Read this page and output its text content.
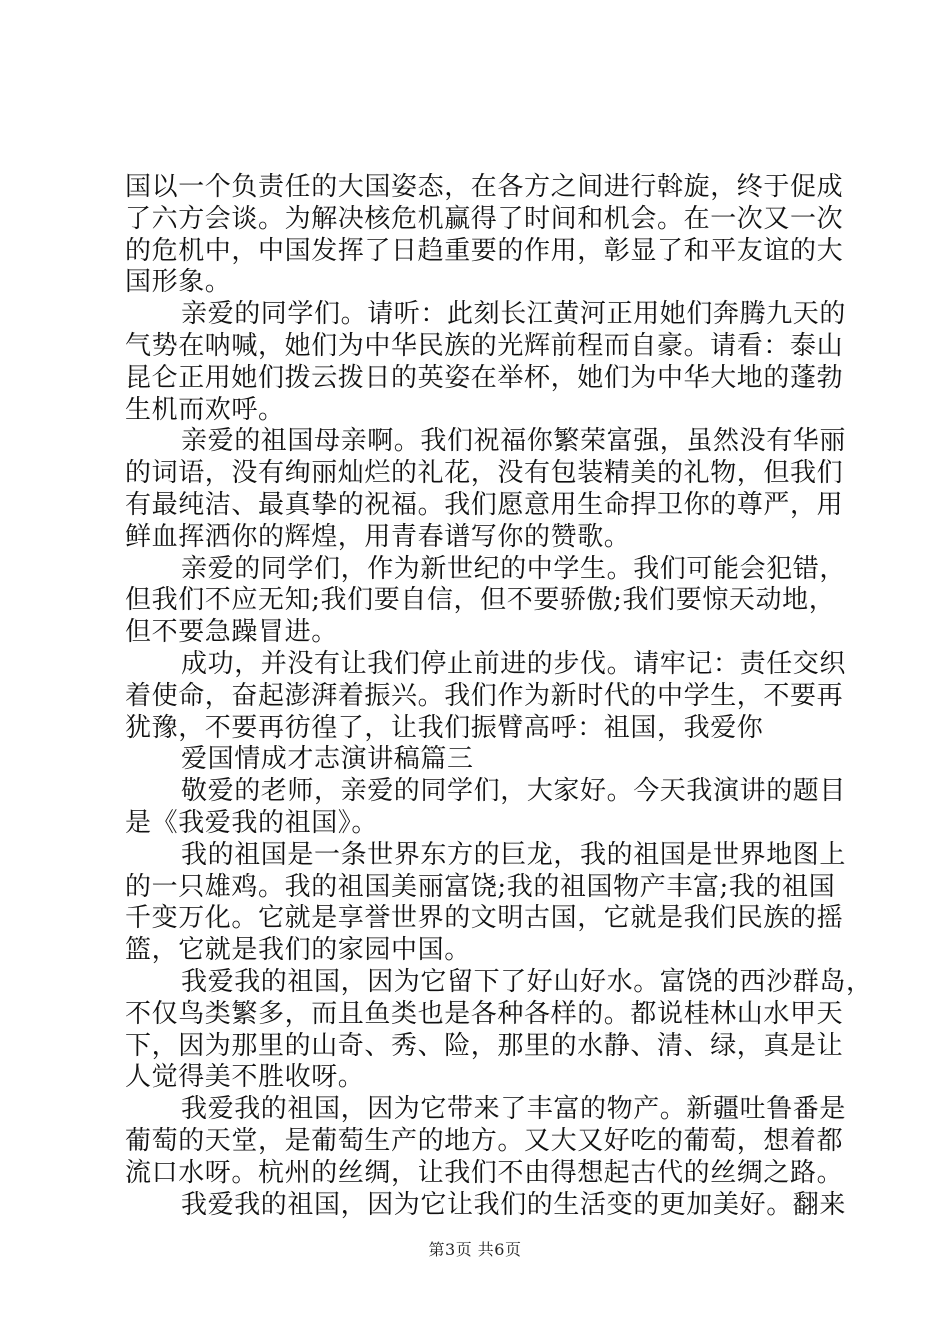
国以一个负责任的大国姿态，在各方之间进行斡旋，终于促成
了六方会谈。为解决核危机赢得了时间和机会。在一次又一次
的危机中，中国发挥了日趋重要的作用，彰显了和平友谊的大
国形象。
亲爱的同学们。请听：此刻长江黄河正用她们奔腾九天的
气势在呐喊，她们为中华民族的光辉前程而自豪。请看：泰山
昆仑正用她们拨云拨日的英姿在举杯，她们为中华大地的蓬勃
生机而欢呼。
亲爱的祖国母亲啊。我们祝福你繁荣富强，虽然没有华丽
的词语，没有绚丽灿烂的礼花，没有包装精美的礼物，但我们
有最纯洁、最真挚的祝福。我们愿意用生命捍卫你的尊严，用
鲜血挥洒你的辉煌，用青春谱写你的赞歌。
亲爱的同学们，作为新世纪的中学生。我们可能会犯错，
但我们不应无知;我们要自信，但不要骄傲;我们要惊天动地，
但不要急躁冒进。
成功，并没有让我们停止前进的步伐。请牢记：责任交织
着使命，奋起澎湃着振兴。我们作为新时代的中学生，不要再
犹豫，不要再彷徨了，让我们振臂高呼：祖国，我爱你
爱国情成才志演讲稿篇三
敬爱的老师，亲爱的同学们，大家好。今天我演讲的题目
是《我爱我的祖国》。
我的祖国是一条世界东方的巨龙，我的祖国是世界地图上
的一只雄鸡。我的祖国美丽富饶;我的祖国物产丰富;我的祖国
千变万化。它就是享誉世界的文明古国，它就是我们民族的摇
篮，它就是我们的家园中国。
我爱我的祖国，因为它留下了好山好水。富饶的西沙群岛，
不仅鸟类繁多，而且鱼类也是各种各样的。都说桂林山水甲天
下，因为那里的山奇、秀、险，那里的水静、清、绿，真是让
人觉得美不胜收呀。
我爱我的祖国，因为它带来了丰富的物产。新疆吐鲁番是
葡萄的天堂，是葡萄生产的地方。又大又好吃的葡萄，想着都
流口水呀。杭州的丝绸，让我们不由得想起古代的丝绸之路。
我爱我的祖国，因为它让我们的生活变的更加美好。翻来
第3页 共6页
